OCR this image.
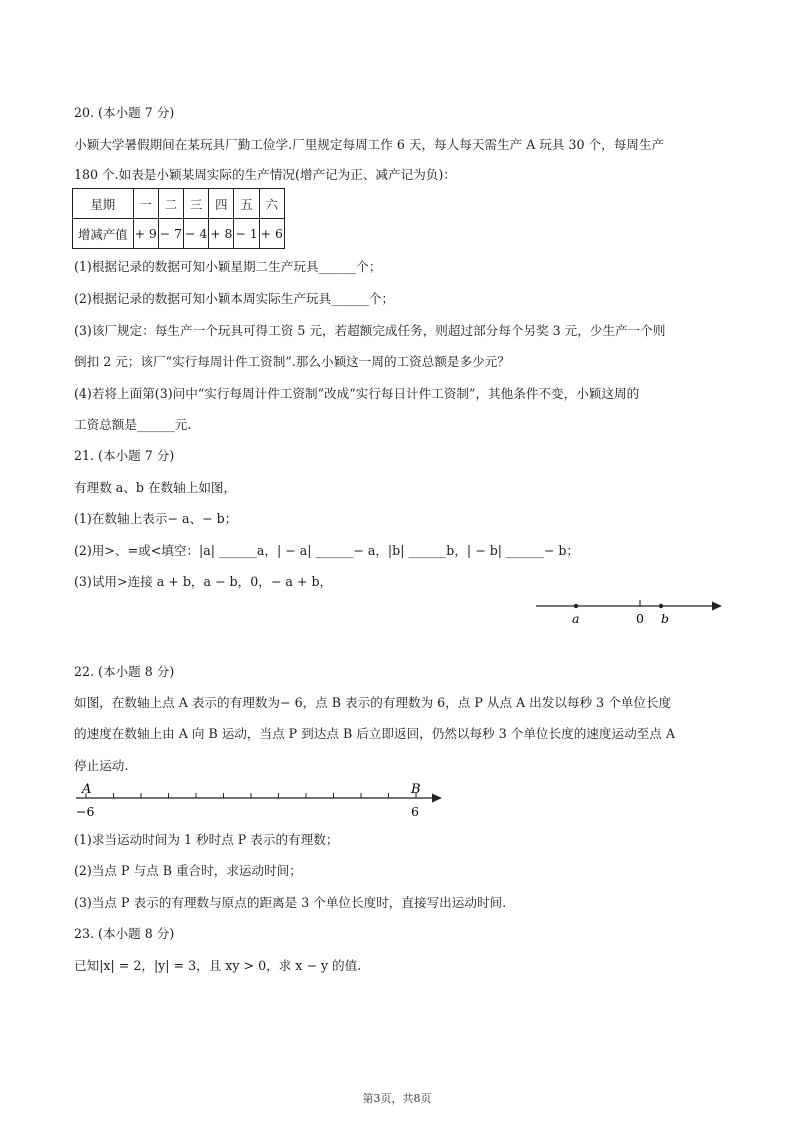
20. (本小题 7 分)
小颖大学暑假期间在某玩具厂勤工俭学.厂里规定每周工作 6 天，每人每天需生产 A 玩具 30 个，每周生产
180 个.如表是小颖某周实际的生产情况(增产记为正、减产记为负)：
星期	一	二	三	四	五	六
增减产值	+ 9	− 7	− 4	+ 8	− 1	+ 6
(1)根据记录的数据可知小颖星期二生产玩具______个；
(2)根据记录的数据可知小颖本周实际生产玩具______个；
(3)该厂规定：每生产一个玩具可得工资 5 元，若超额完成任务，则超过部分每个另奖 3 元，少生产一个则
倒扣 2 元；该厂“实行每周计件工资制”.那么小颖这一周的工资总额是多少元？
(4)若将上面第(3)问中“实行每周计件工资制”改成“实行每日计件工资制”，其他条件不变，小颖这周的
工资总额是______元.
21. (本小题 7 分)
有理数 a、b 在数轴上如图，
(1)在数轴上表示− a、− b；
(2)用>、=或<填空：|a| ______a，| − a| ______− a，|b| ______b，| − b| ______− b；
(3)试用>连接 a + b，a − b，0，− a + b，
a	0 b
22. (本小题 8 分)
如图，在数轴上点 A 表示的有理数为− 6，点 B 表示的有理数为 6，点 P 从点 A 出发以每秒 3 个单位长度
的速度在数轴上由 A 向 B 运动，当点 P 到达点 B 后立即返回，仍然以每秒 3 个单位长度的速度运动至点 A
停止运动.
A	B
−6	6
(1)求当运动时间为 1 秒时点 P 表示的有理数；
(2)当点 P 与点 B 重合时，求运动时间；
(3)当点 P 表示的有理数与原点的距离是 3 个单位长度时，直接写出运动时间.
23. (本小题 8 分)
已知|x| = 2，|y| = 3，且 xy > 0，求 x − y 的值.
第3页，共8页
